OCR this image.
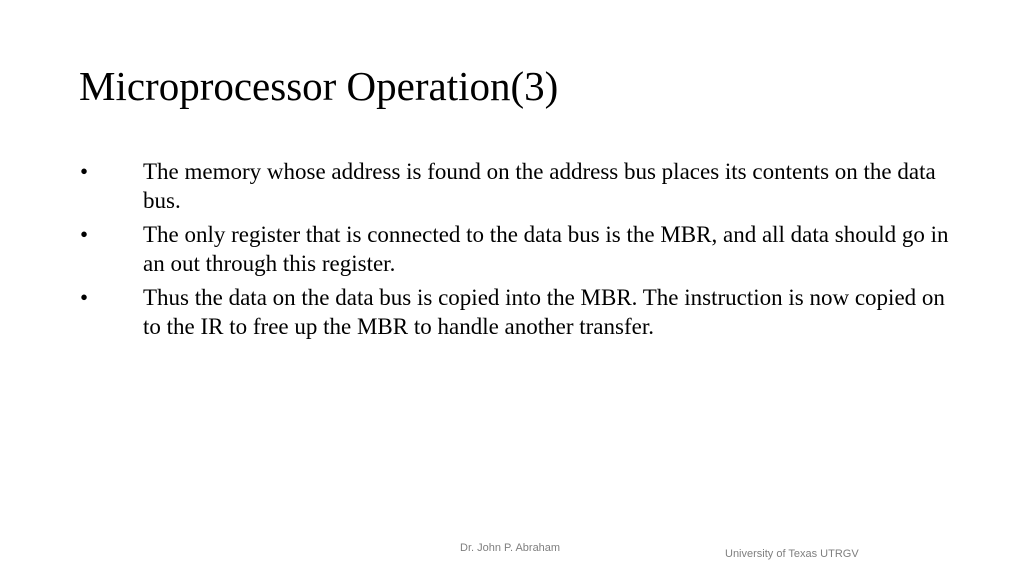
Microprocessor Operation(3)
• The memory whose address is found on the address bus places its contents on the data bus.
• The only register that is connected to the data bus is the MBR, and all data should go in an out through this register.
• Thus the data on the data bus is copied into the MBR. The instruction is now copied on to the IR to free up the MBR to handle another transfer.
Dr. John P. Abraham	University of Texas UTRGV
